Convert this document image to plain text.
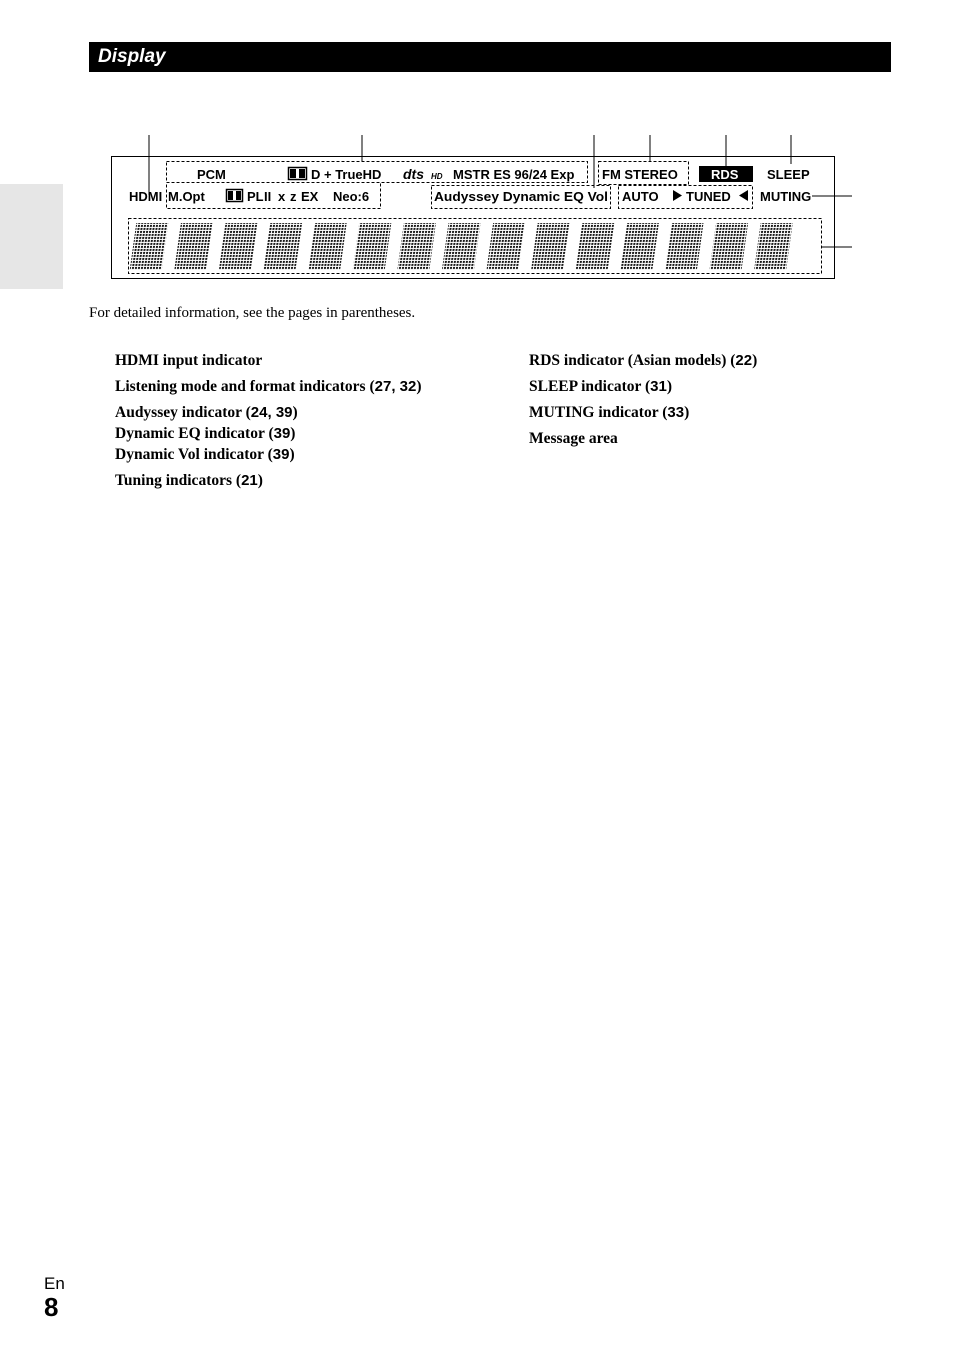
Display
PCM	D + TrueHD dts HD MSTR ES 96/24 Exp FM STEREO	RDS SLEEP
HDMI M.Opt	PL II x z EX Neo:6	Audyssey Dynamic EQ Vol AUTO TUNED MUTING
For detailed information, see the pages in parentheses.

HDMI input indicator

Listening mode and format indicators (27, 32)

Audyssey indicator (24, 39)

Dynamic EQ indicator (39)

Dynamic Vol indicator (39)

Tuning indicators (21)

RDS indicator (Asian models) (22)

SLEEP indicator (31)

MUTING indicator (33)

Message area

En
8
